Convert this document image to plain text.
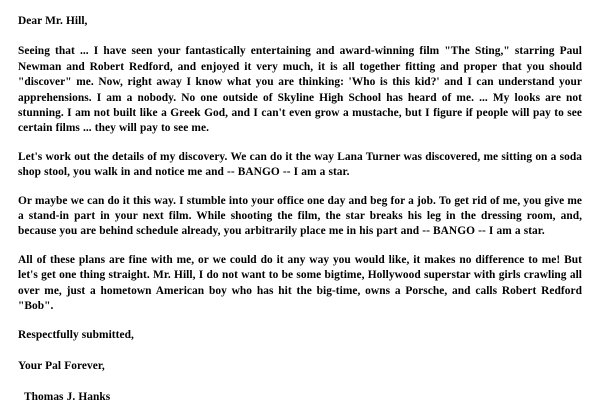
Dear Mr. Hill,

Seeing that ... I have seen your fantastically entertaining and award-winning film "The Sting," starring Paul Newman and Robert Redford, and enjoyed it very much, it is all together fitting and proper that you should "discover" me. Now, right away I know what you are thinking: 'Who is this kid?' and I can understand your apprehensions. I am a nobody. No one outside of Skyline High School has heard of me. ... My looks are not stunning. I am not built like a Greek God, and I can't even grow a mustache, but I figure if people will pay to see certain films ... they will pay to see me.

Let's work out the details of my discovery. We can do it the way Lana Turner was discovered, me sitting on a soda shop stool, you walk in and notice me and -- BANGO -- I am a star.

Or maybe we can do it this way. I stumble into your office one day and beg for a job. To get rid of me, you give me a stand-in part in your next film. While shooting the film, the star breaks his leg in the dressing room, and, because you are behind schedule already, you arbitrarily place me in his part and -- BANGO -- I am a star.

All of these plans are fine with me, or we could do it any way you would like, it makes no difference to me! But let's get one thing straight. Mr. Hill, I do not want to be some bigtime, Hollywood superstar with girls crawling all over me, just a hometown American boy who has hit the big-time, owns a Porsche, and calls Robert Redford "Bob".

Respectfully submitted,

Your Pal Forever,

Thomas J. Hanks
